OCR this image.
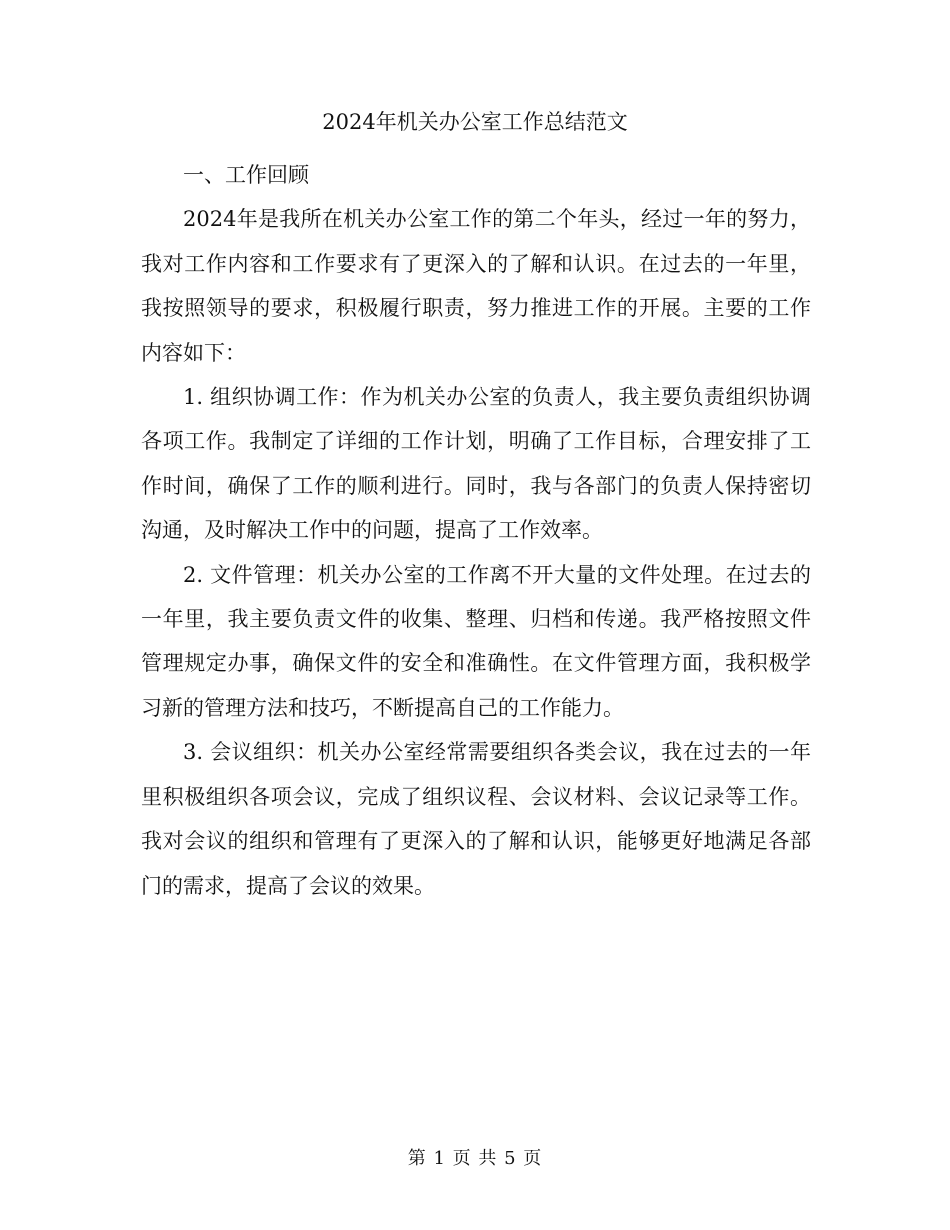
2024年机关办公室工作总结范文

一、工作回顾

2024年是我所在机关办公室工作的第二个年头，经过一年的努力，我对工作内容和工作要求有了更深入的了解和认识。在过去的一年里，我按照领导的要求，积极履行职责，努力推进工作的开展。主要的工作内容如下：

1. 组织协调工作：作为机关办公室的负责人，我主要负责组织协调各项工作。我制定了详细的工作计划，明确了工作目标，合理安排了工作时间，确保了工作的顺利进行。同时，我与各部门的负责人保持密切沟通，及时解决工作中的问题，提高了工作效率。

2. 文件管理：机关办公室的工作离不开大量的文件处理。在过去的一年里，我主要负责文件的收集、整理、归档和传递。我严格按照文件管理规定办事，确保文件的安全和准确性。在文件管理方面，我积极学习新的管理方法和技巧，不断提高自己的工作能力。

3. 会议组织：机关办公室经常需要组织各类会议，我在过去的一年里积极组织各项会议，完成了组织议程、会议材料、会议记录等工作。我对会议的组织和管理有了更深入的了解和认识，能够更好地满足各部门的需求，提高了会议的效果。

第 1 页 共 5 页
